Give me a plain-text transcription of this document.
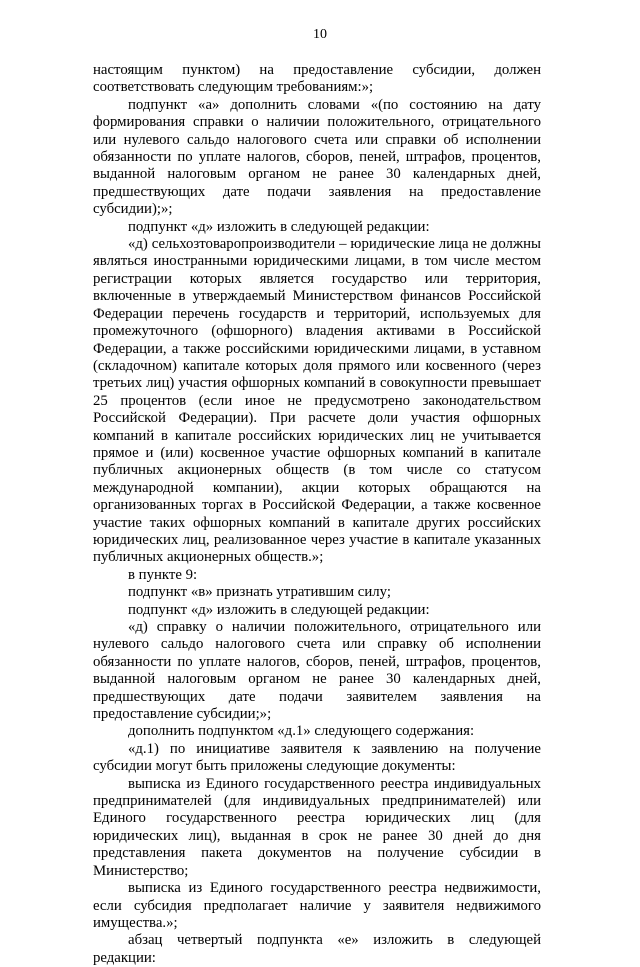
10

настоящим пунктом) на предоставление субсидии, должен соответствовать следующим требованиям:»;

подпункт «а» дополнить словами «(по состоянию на дату формирования справки о наличии положительного, отрицательного или нулевого сальдо налогового счета или справки об исполнении обязанности по уплате налогов, сборов, пеней, штрафов, процентов, выданной налоговым органом не ранее 30 календарных дней, предшествующих дате подачи заявления на предоставление субсидии);»;

подпункт «д» изложить в следующей редакции:

«д) сельхозтоваропроизводители – юридические лица не должны являться иностранными юридическими лицами, в том числе местом регистрации которых является государство или территория, включенные в утверждаемый Министерством финансов Российской Федерации перечень государств и территорий, используемых для промежуточного (офшорного) владения активами в Российской Федерации, а также российскими юридическими лицами, в уставном (складочном) капитале которых доля прямого или косвенного (через третьих лиц) участия офшорных компаний в совокупности превышает 25 процентов (если иное не предусмотрено законодательством Российской Федерации). При расчете доли участия офшорных компаний в капитале российских юридических лиц не учитывается прямое и (или) косвенное участие офшорных компаний в капитале публичных акционерных обществ (в том числе со статусом международной компании), акции которых обращаются на организованных торгах в Российской Федерации, а также косвенное участие таких офшорных компаний в капитале других российских юридических лиц, реализованное через участие в капитале указанных публичных акционерных обществ.»;

в пункте 9:

подпункт «в» признать утратившим силу;

подпункт «д» изложить в следующей редакции:

«д) справку о наличии положительного, отрицательного или нулевого сальдо налогового счета или справку об исполнении обязанности по уплате налогов, сборов, пеней, штрафов, процентов, выданной налоговым органом не ранее 30 календарных дней, предшествующих дате подачи заявителем заявления на предоставление субсидии;»;

дополнить подпунктом «д.1» следующего содержания:

«д.1) по инициативе заявителя к заявлению на получение субсидии могут быть приложены следующие документы:

выписка из Единого государственного реестра индивидуальных предпринимателей (для индивидуальных предпринимателей) или Единого государственного реестра юридических лиц (для юридических лиц), выданная в срок не ранее 30 дней до дня представления пакета документов на получение субсидии в Министерство;

выписка из Единого государственного реестра недвижимости, если субсидия предполагает наличие у заявителя недвижимого имущества.»;

абзац четвертый подпункта «е» изложить в следующей редакции:
